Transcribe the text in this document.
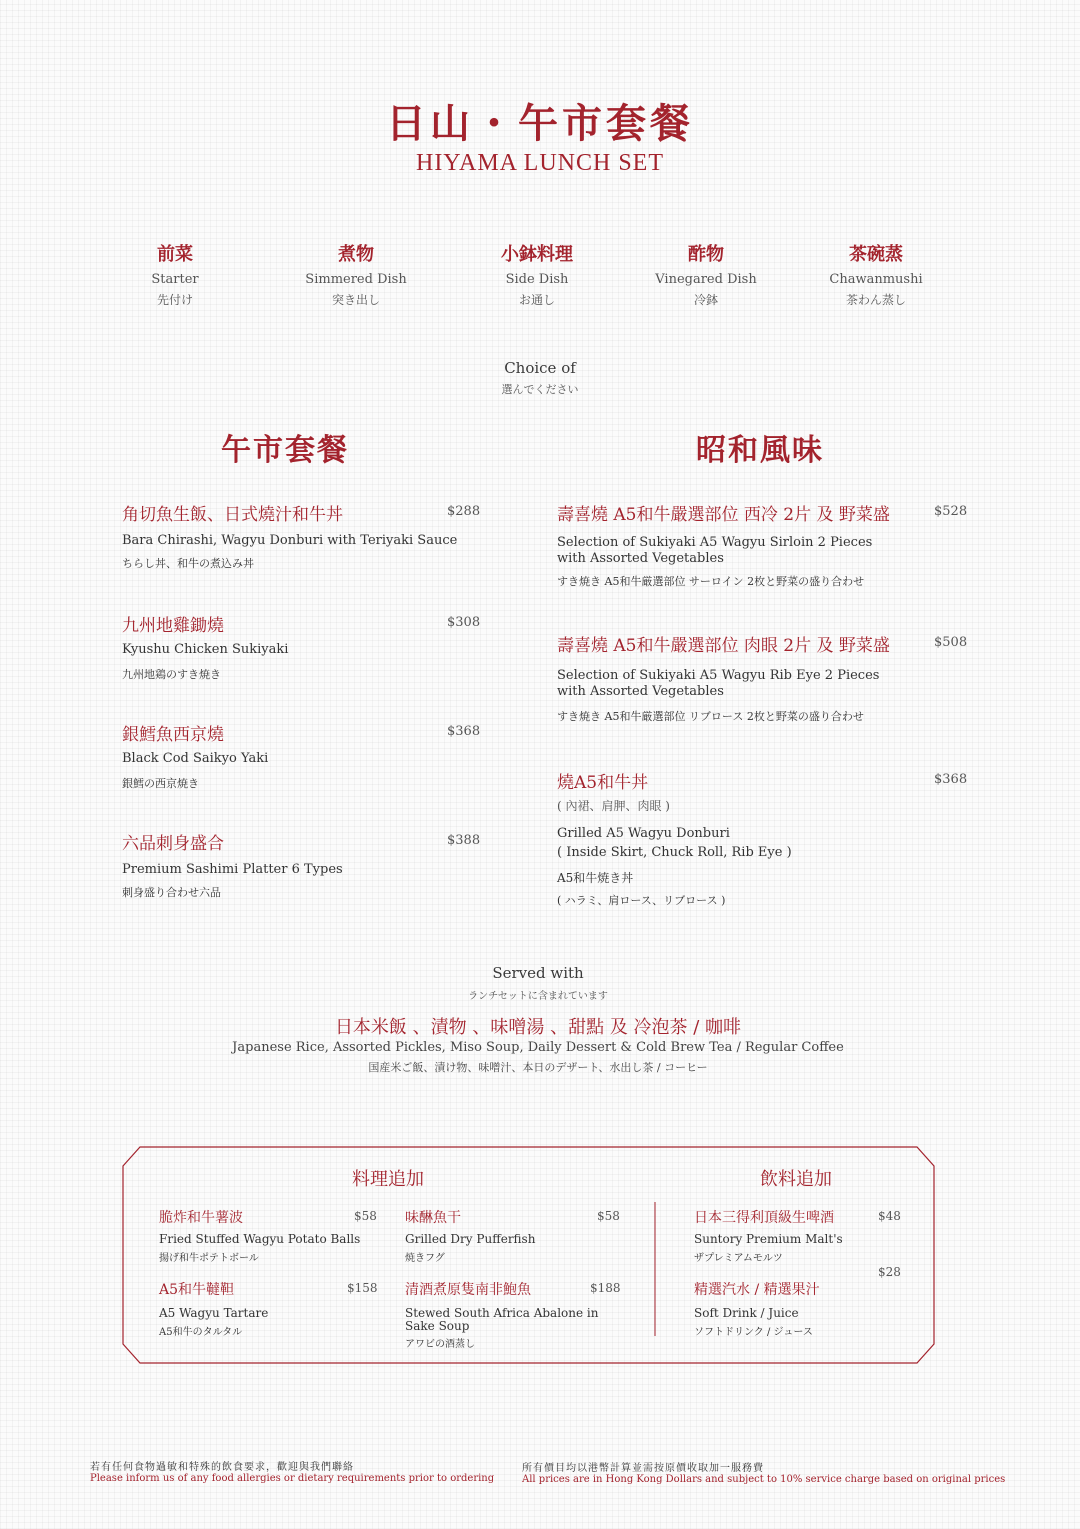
日山・午市套餐
HIYAMA LUNCH SET
前菜
Starter
先付け
煮物
Simmered Dish
突き出し
小鉢料理
Side Dish
お通し
酢物
Vinegared Dish
冷鉢
茶碗蒸
Chawanmushi
茶わん蒸し
Choice of
選んでください
午市套餐	昭和風味
角切魚生飯、日式燒汁和牛丼	$288
Bara Chirashi, Wagyu Donburi with Teriyaki Sauce
ちらし丼、和牛の煮込み丼
九州地雞鋤燒	$308
Kyushu Chicken Sukiyaki
九州地鶏のすき焼き
銀鱈魚西京燒	$368
Black Cod Saikyo Yaki
銀鱈の西京焼き
六品刺身盛合	$388
Premium Sashimi Platter 6 Types
刺身盛り合わせ六品
壽喜燒 A5和牛嚴選部位 西冷 2片 及 野菜盛	$528
Selection of Sukiyaki A5 Wagyu Sirloin 2 Pieces with Assorted Vegetables
すき焼き A5和牛厳選部位 サーロイン 2枚と野菜の盛り合わせ
壽喜燒 A5和牛嚴選部位 肉眼 2片 及 野菜盛	$508
Selection of Sukiyaki A5 Wagyu Rib Eye 2 Pieces with Assorted Vegetables
すき焼き A5和牛厳選部位 リブロース 2枚と野菜の盛り合わせ
燒A5和牛丼	$368
( 內裙、肩胛、肉眼 )
Grilled A5 Wagyu Donburi
( Inside Skirt, Chuck Roll, Rib Eye )
A5和牛焼き丼
( ハラミ、肩ロース、リブロース )
Served with
ランチセットに含まれています
日本米飯 、漬物 、味噌湯 、甜點 及 冷泡茶 / 咖啡
Japanese Rice, Assorted Pickles, Miso Soup, Daily Dessert & Cold Brew Tea / Regular Coffee
国産米ご飯、漬け物、味噌汁、本日のデザート、水出し茶 / コーヒー
料理追加	飲料追加
脆炸和牛薯波	$58
Fried Stuffed Wagyu Potato Balls
揚げ和牛ポテトボール
味醂魚干	$58
Grilled Dry Pufferfish
焼きフグ
A5和牛韃靼	$158
A5 Wagyu Tartare
A5和牛のタルタル
清酒煮原隻南非鮑魚	$188
Stewed South Africa Abalone in Sake Soup
アワビの酒蒸し
日本三得利頂級生啤酒	$48
Suntory Premium Malt's
ザプレミアムモルツ
$28
精選汽水 / 精選果汁
Soft Drink / Juice
ソフトドリンク / ジュース
若有任何食物過敏和特殊的飲食要求，歡迎與我們聯絡
Please inform us of any food allergies or dietary requirements prior to ordering
所有價目均以港幣計算並需按原價收取加一服務費
All prices are in Hong Kong Dollars and subject to 10% service charge based on original prices
